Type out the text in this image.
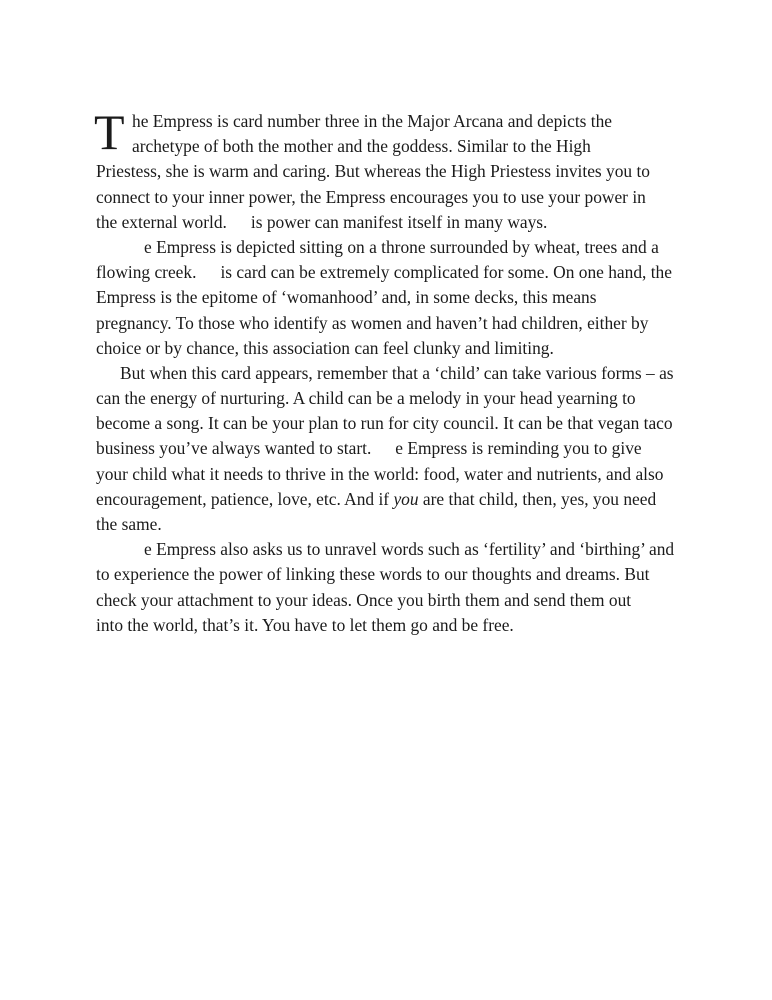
T he Empress is card number three in the Major Arcana and depicts the
archetype of both the mother and the goddess. Similar to the High
Priestess, she is warm and caring. But whereas the High Priestess invites you to
connect to your inner power, the Empress encourages you to use your power in
the external world. is power can manifest itself in many ways.
e Empress is depicted sitting on a throne surrounded by wheat, trees and a
flowing creek. is card can be extremely complicated for some. On one hand, the
Empress is the epitome of ‘womanhood’ and, in some decks, this means
pregnancy. To those who identify as women and haven’t had children, either by
choice or by chance, this association can feel clunky and limiting.
But when this card appears, remember that a ‘child’ can take various forms – as
can the energy of nurturing. A child can be a melody in your head yearning to
become a song. It can be your plan to run for city council. It can be that vegan taco
business you’ve always wanted to start. e Empress is reminding you to give
your child what it needs to thrive in the world: food, water and nutrients, and also
encouragement, patience, love, etc. And if you are that child, then, yes, you need
the same.
e Empress also asks us to unravel words such as ‘fertility’ and ‘birthing’ and
to experience the power of linking these words to our thoughts and dreams. But
check your attachment to your ideas. Once you birth them and send them out
into the world, that’s it. You have to let them go and be free.
